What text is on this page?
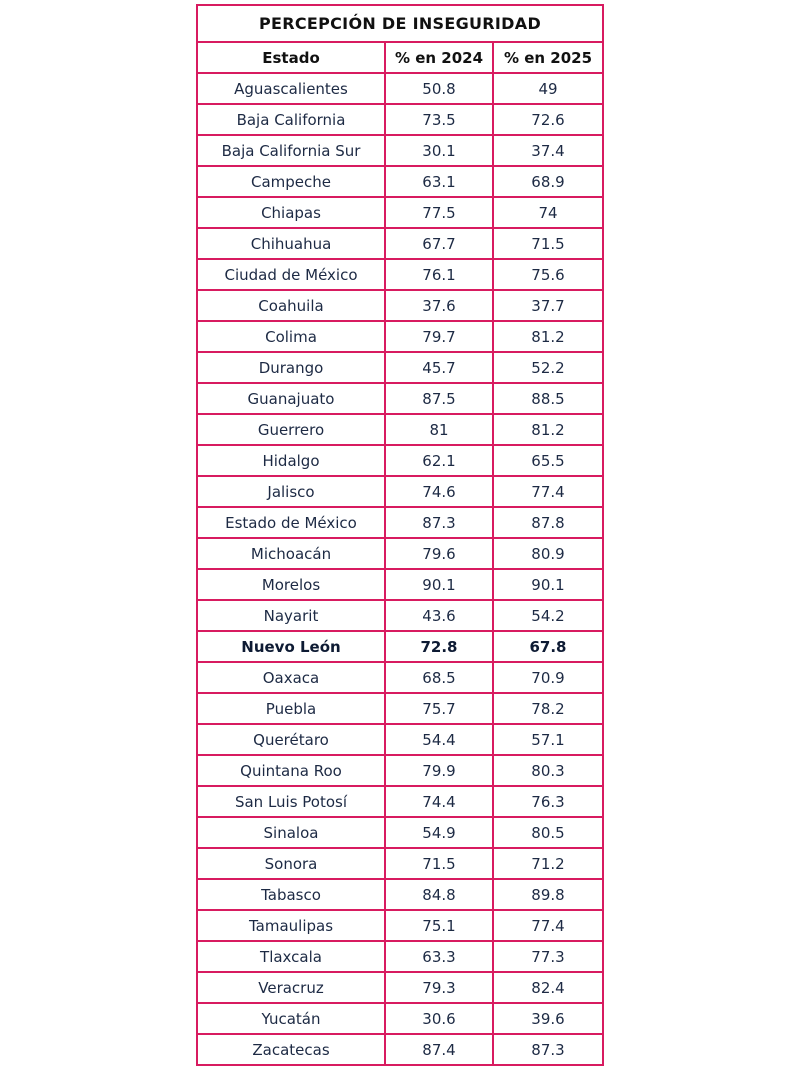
PERCEPCIÓN DE INSEGURIDAD		
Estado	% en 2024	% en 2025
Aguascalientes	50.8	49
Baja California	73.5	72.6
Baja California Sur	30.1	37.4
Campeche	63.1	68.9
Chiapas	77.5	74
Chihuahua	67.7	71.5
Ciudad de México	76.1	75.6
Coahuila	37.6	37.7
Colima	79.7	81.2
Durango	45.7	52.2
Guanajuato	87.5	88.5
Guerrero	81	81.2
Hidalgo	62.1	65.5
Jalisco	74.6	77.4
Estado de México	87.3	87.8
Michoacán	79.6	80.9
Morelos	90.1	90.1
Nayarit	43.6	54.2
Nuevo León	72.8	67.8
Oaxaca	68.5	70.9
Puebla	75.7	78.2
Querétaro	54.4	57.1
Quintana Roo	79.9	80.3
San Luis Potosí	74.4	76.3
Sinaloa	54.9	80.5
Sonora	71.5	71.2
Tabasco	84.8	89.8
Tamaulipas	75.1	77.4
Tlaxcala	63.3	77.3
Veracruz	79.3	82.4
Yucatán	30.6	39.6
Zacatecas	87.4	87.3
